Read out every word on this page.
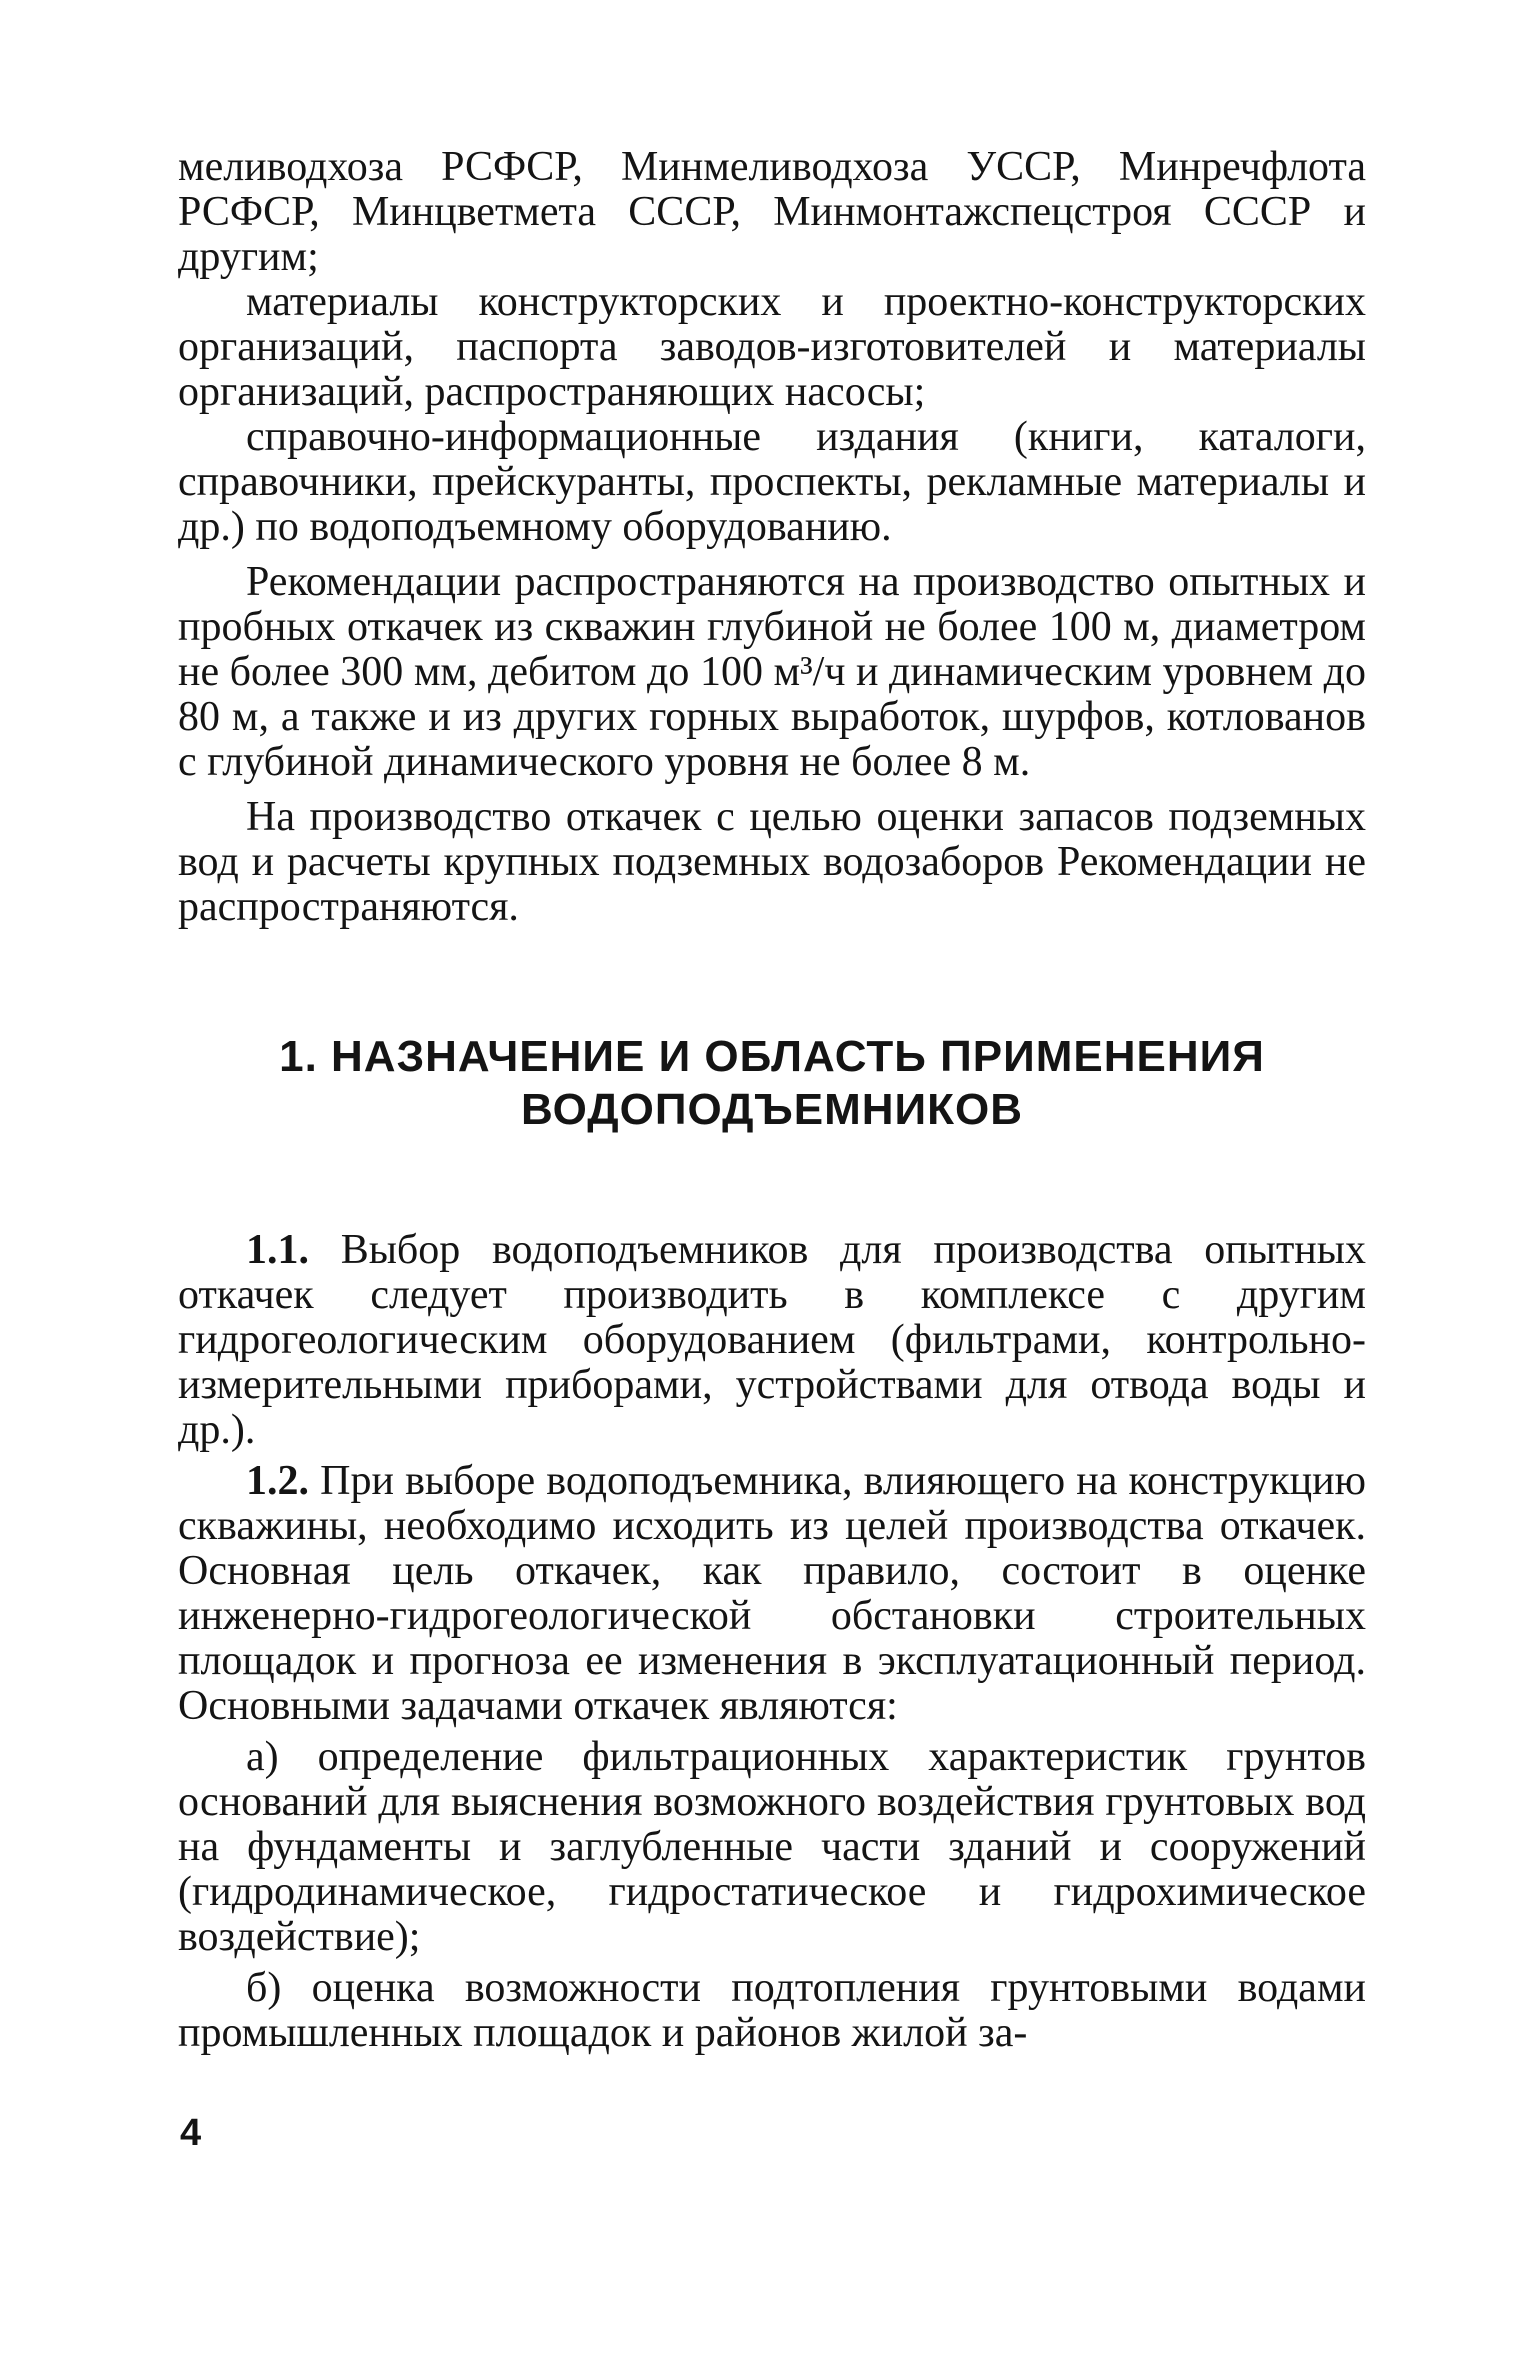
меливодхоза РСФСР, Минмеливодхоза УССР, Минречфлота РСФСР, Минцветмета СССР, Минмонтажспецстроя СССР и другим;

материалы конструкторских и проектно-конструкторских организаций, паспорта заводов-изготовителей и материалы организаций, распространяющих насосы;

справочно-информационные издания (книги, каталоги, справочники, прейскуранты, проспекты, рекламные материалы и др.) по водоподъемному оборудованию.

Рекомендации распространяются на производство опытных и пробных откачек из скважин глубиной не более 100 м, диаметром не более 300 мм, дебитом до 100 м³/ч и динамическим уровнем до 80 м, а также и из других горных выработок, шурфов, котлованов с глубиной динамического уровня не более 8 м.

На производство откачек с целью оценки запасов подземных вод и расчеты крупных подземных водозаборов Рекомендации не распространяются.

1. НАЗНАЧЕНИЕ И ОБЛАСТЬ ПРИМЕНЕНИЯ
ВОДОПОДЪЕМНИКОВ

1.1. Выбор водоподъемников для производства опытных откачек следует производить в комплексе с другим гидрогеологическим оборудованием (фильтрами, контрольно-измерительными приборами, устройствами для отвода воды и др.).

1.2. При выборе водоподъемника, влияющего на конструкцию скважины, необходимо исходить из целей производства откачек. Основная цель откачек, как правило, состоит в оценке инженерно-гидрогеологической обстановки строительных площадок и прогноза ее изменения в эксплуатационный период. Основными задачами откачек являются:

а) определение фильтрационных характеристик грунтов оснований для выяснения возможного воздействия грунтовых вод на фундаменты и заглубленные части зданий и сооружений (гидродинамическое, гидростатическое и гидрохимическое воздействие);

б) оценка возможности подтопления грунтовыми водами промышленных площадок и районов жилой за-

4
